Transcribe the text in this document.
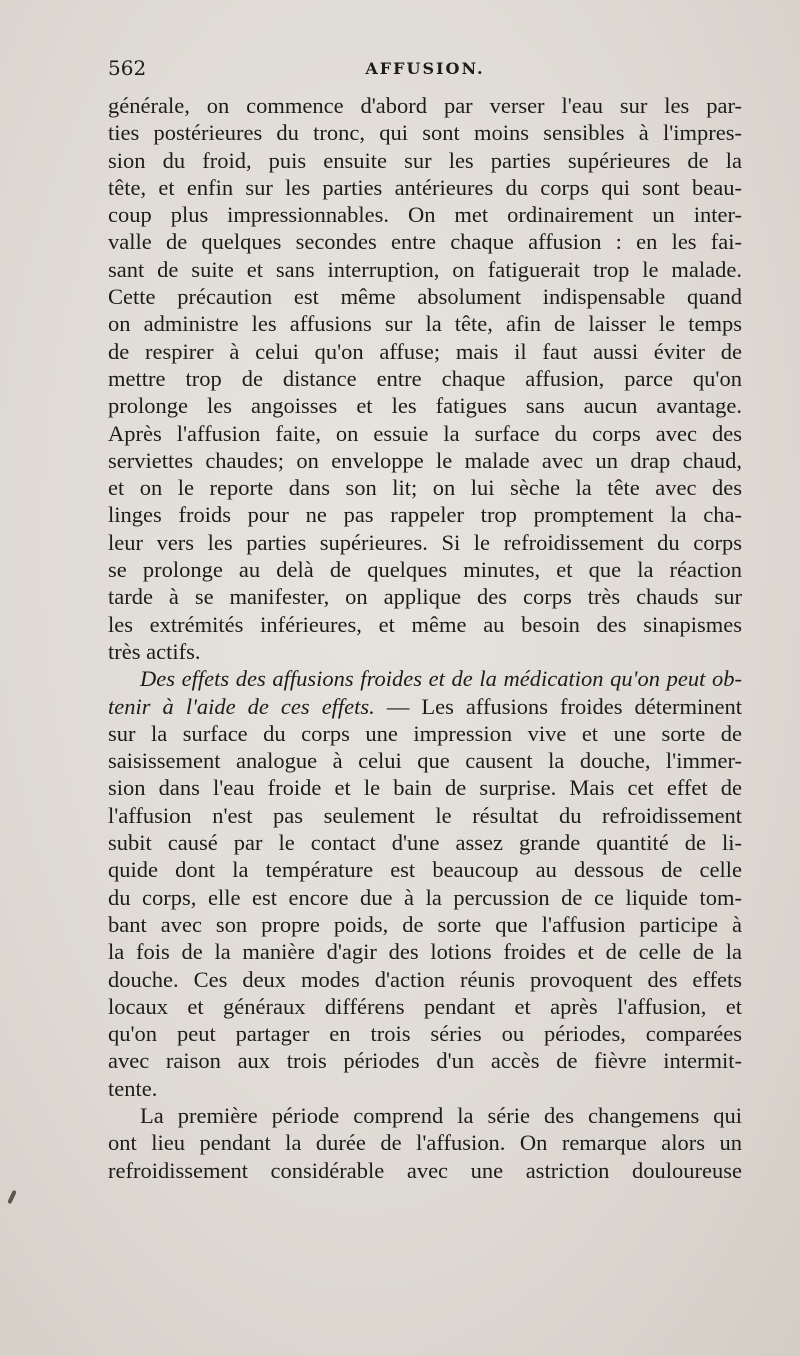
562	AFFUSION.
générale, on commence d'abord par verser l'eau sur les par-
ties postérieures du tronc, qui sont moins sensibles à l'impres-
sion du froid, puis ensuite sur les parties supérieures de la
tête, et enfin sur les parties antérieures du corps qui sont beau-
coup plus impressionnables. On met ordinairement un inter-
valle de quelques secondes entre chaque affusion : en les fai-
sant de suite et sans interruption, on fatiguerait trop le malade.
Cette précaution est même absolument indispensable quand
on administre les affusions sur la tête, afin de laisser le temps
de respirer à celui qu'on affuse; mais il faut aussi éviter de
mettre trop de distance entre chaque affusion, parce qu'on
prolonge les angoisses et les fatigues sans aucun avantage.
Après l'affusion faite, on essuie la surface du corps avec des
serviettes chaudes; on enveloppe le malade avec un drap chaud,
et on le reporte dans son lit; on lui sèche la tête avec des
linges froids pour ne pas rappeler trop promptement la cha-
leur vers les parties supérieures. Si le refroidissement du corps
se prolonge au delà de quelques minutes, et que la réaction
tarde à se manifester, on applique des corps très chauds sur
les extrémités inférieures, et même au besoin des sinapismes
très actifs.
Des effets des affusions froides et de la médication qu'on peut ob-
tenir à l'aide de ces effets. — Les affusions froides déterminent
sur la surface du corps une impression vive et une sorte de
saisissement analogue à celui que causent la douche, l'immer-
sion dans l'eau froide et le bain de surprise. Mais cet effet de
l'affusion n'est pas seulement le résultat du refroidissement
subit causé par le contact d'une assez grande quantité de li-
quide dont la température est beaucoup au dessous de celle
du corps, elle est encore due à la percussion de ce liquide tom-
bant avec son propre poids, de sorte que l'affusion participe à
la fois de la manière d'agir des lotions froides et de celle de la
douche. Ces deux modes d'action réunis provoquent des effets
locaux et généraux différens pendant et après l'affusion, et
qu'on peut partager en trois séries ou périodes, comparées
avec raison aux trois périodes d'un accès de fièvre intermit-
tente.
La première période comprend la série des changemens qui
ont lieu pendant la durée de l'affusion. On remarque alors un
refroidissement considérable avec une astriction douloureuse
